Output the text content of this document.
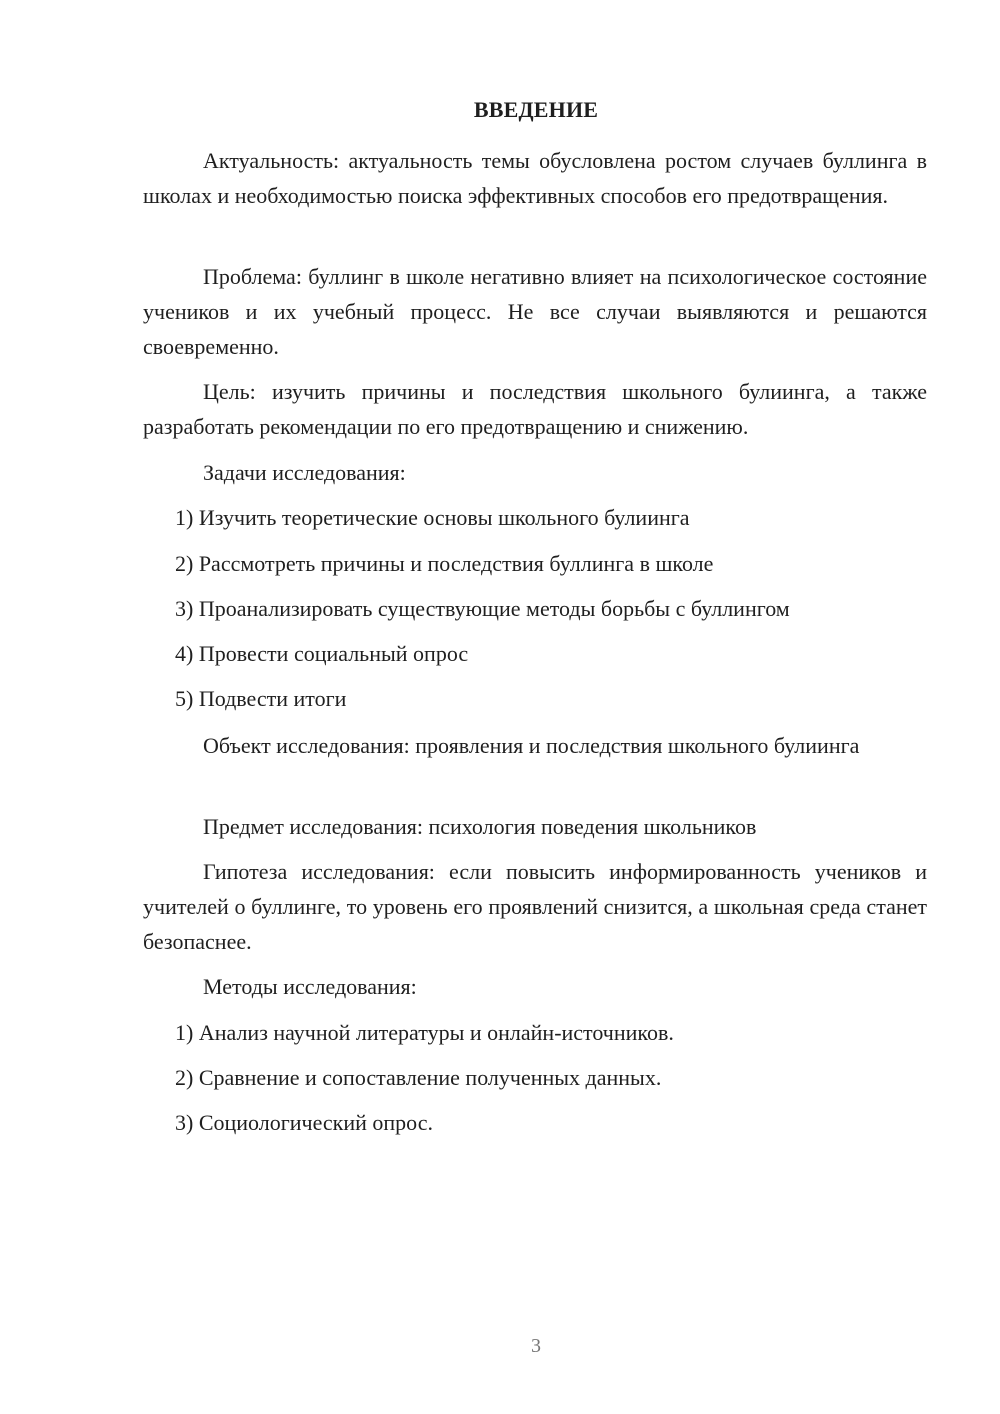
ВВЕДЕНИЕ

Актуальность: актуальность темы обусловлена ростом случаев буллинга в школах и необходимостью поиска эффективных способов его предотвращения.

Проблема: буллинг в школе негативно влияет на психологическое состояние учеников и их учебный процесс. Не все случаи выявляются и решаются своевременно.

Цель: изучить причины и последствия школьного булиинга, а также разработать рекомендации по его предотвращению и снижению.

Задачи исследования:

1) Изучить теоретические основы школьного булиинга

2) Рассмотреть причины и последствия буллинга в школе

3) Проанализировать существующие методы борьбы с буллингом

4) Провести социальный опрос

5) Подвести итоги

Объект исследования: проявления и последствия школьного булиинга

Предмет исследования: психология поведения школьников

Гипотеза исследования: если повысить информированность учеников и учителей о буллинге, то уровень его проявлений снизится, а школьная среда станет безопаснее.

Методы исследования:

1) Анализ научной литературы и онлайн-источников.

2) Сравнение и сопоставление полученных данных.

3) Социологический опрос.

3
